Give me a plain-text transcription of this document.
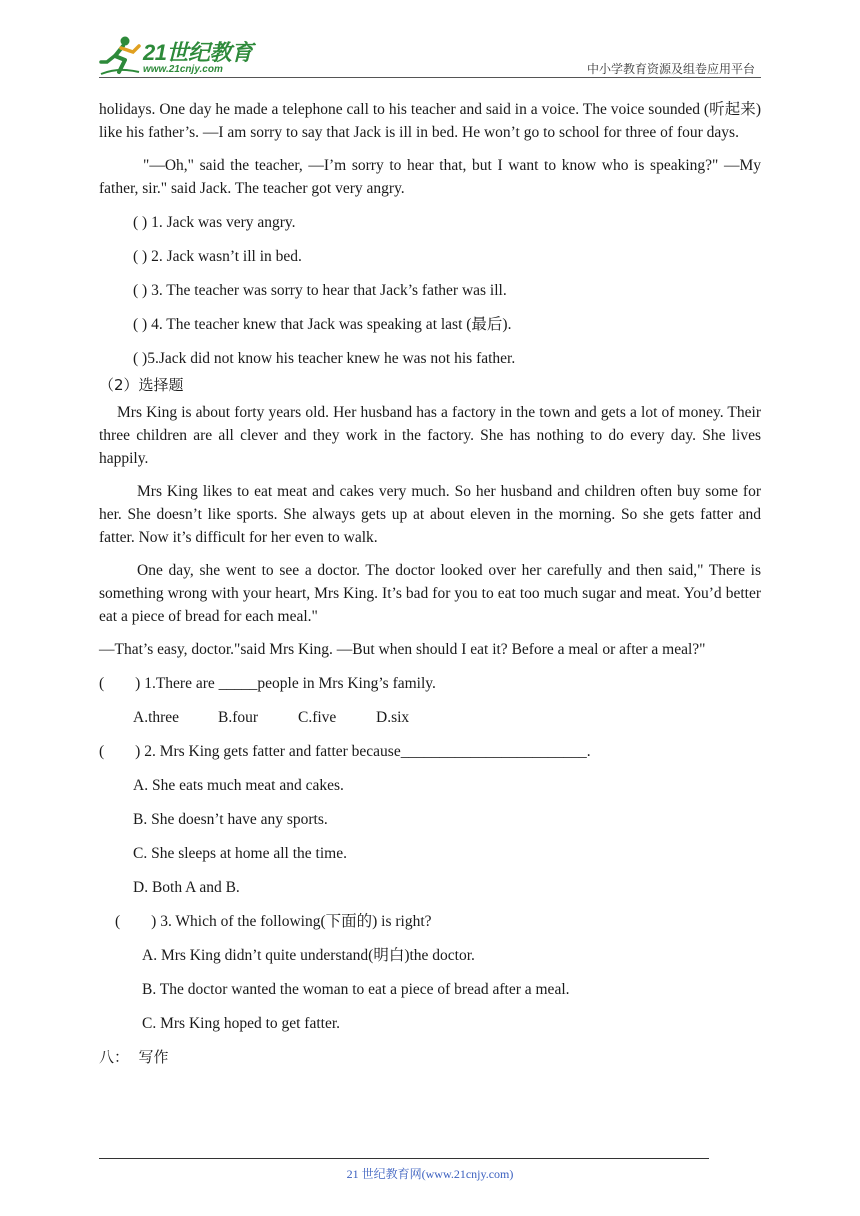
21世纪教育
www.21cnjy.com	中小学教育资源及组卷应用平台

holidays. One day he made a telephone call to his teacher and said in a voice. The voice sounded (听起来) like his father’s. ―I am sorry to say that Jack is ill in bed. He won’t go to school for three of four days.

"―Oh," said the teacher, ―I’m sorry to hear that, but I want to know who is speaking?" ―My father, sir." said Jack. The teacher got very angry.

( ) 1. Jack was very angry.

( ) 2. Jack wasn’t ill in bed.

( ) 3. The teacher was sorry to hear that Jack’s father was ill.

( ) 4. The teacher knew that Jack was speaking at last (最后).

( )5.Jack did not know his teacher knew he was not his father.

（2）选择题

Mrs King is about forty years old. Her husband has a factory in the town and gets a lot of money. Their three children are all clever and they work in the factory. She has nothing to do every day. She lives happily.

Mrs King likes to eat meat and cakes very much. So her husband and children often buy some for her. She doesn’t like sports. She always gets up at about eleven in the morning. So she gets fatter and fatter. Now it’s difficult for her even to walk.

One day, she went to see a doctor. The doctor looked over her carefully and then said," There is something wrong with your heart, Mrs King. It’s bad for you to eat too much sugar and meat. You’d better eat a piece of bread for each meal."

―That’s easy, doctor."said Mrs King. ―But when should I eat it? Before a meal or after a meal?"

(        ) 1.There are _____people in Mrs King’s family.

A.three	B.four	C.five	D.six

(        ) 2. Mrs King gets fatter and fatter because________________________.

A. She eats much meat and cakes.

B. She doesn’t have any sports.

C. She sleeps at home all the time.

D. Both A and B.

(        ) 3. Which of the following(下面的) is right?

A. Mrs King didn’t quite understand(明白)the doctor.

B. The doctor wanted the woman to eat a piece of bread after a meal.

C. Mrs King hoped to get fatter.

八：  写作

21 世纪教育网(www.21cnjy.com)
